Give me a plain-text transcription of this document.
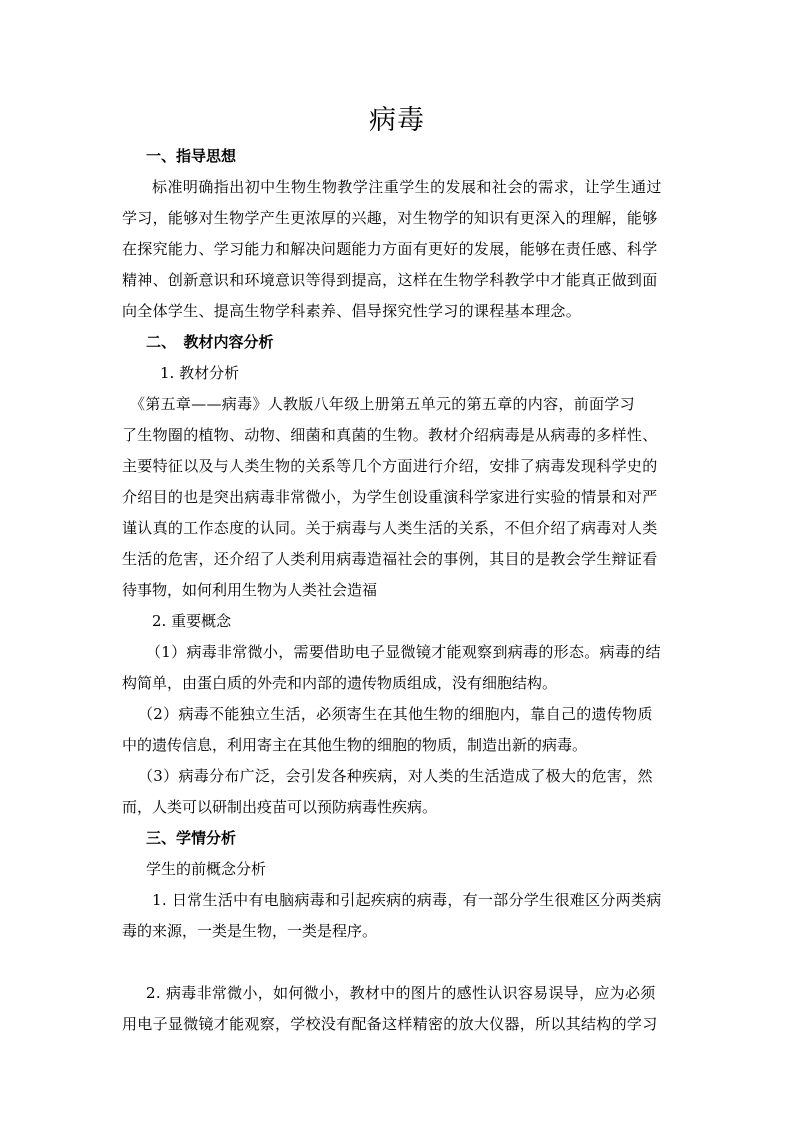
病毒
一、指导思想
标准明确指出初中生物生物教学注重学生的发展和社会的需求，让学生通过
学习，能够对生物学产生更浓厚的兴趣，对生物学的知识有更深入的理解，能够
在探究能力、学习能力和解决问题能力方面有更好的发展，能够在责任感、科学
精神、创新意识和环境意识等得到提高，这样在生物学科教学中才能真正做到面
向全体学生、提高生物学科素养、倡导探究性学习的课程基本理念。
二、　教材内容分析
1. 教材分析
《第五章——病毒》人教版八年级上册第五单元的第五章的内容，前面学习
了生物圈的植物、动物、细菌和真菌的生物。教材介绍病毒是从病毒的多样性、
主要特征以及与人类生物的关系等几个方面进行介绍，安排了病毒发现科学史的
介绍目的也是突出病毒非常微小，为学生创设重演科学家进行实验的情景和对严
谨认真的工作态度的认同。关于病毒与人类生活的关系，不但介绍了病毒对人类
生活的危害，还介绍了人类利用病毒造福社会的事例，其目的是教会学生辩证看
待事物，如何利用生物为人类社会造福
2. 重要概念
（1）病毒非常微小，需要借助电子显微镜才能观察到病毒的形态。病毒的结
构简单，由蛋白质的外壳和内部的遗传物质组成，没有细胞结构。
（2）病毒不能独立生活，必须寄生在其他生物的细胞内，靠自己的遗传物质
中的遗传信息，利用寄主在其他生物的细胞的物质，制造出新的病毒。
（3）病毒分布广泛，会引发各种疾病，对人类的生活造成了极大的危害，然
而，人类可以研制出疫苗可以预防病毒性疾病。
三、学情分析
学生的前概念分析
1. 日常生活中有电脑病毒和引起疾病的病毒，有一部分学生很难区分两类病
毒的来源，一类是生物，一类是程序。
2. 病毒非常微小，如何微小，教材中的图片的感性认识容易误导，应为必须
用电子显微镜才能观察，学校没有配备这样精密的放大仪器，所以其结构的学习
